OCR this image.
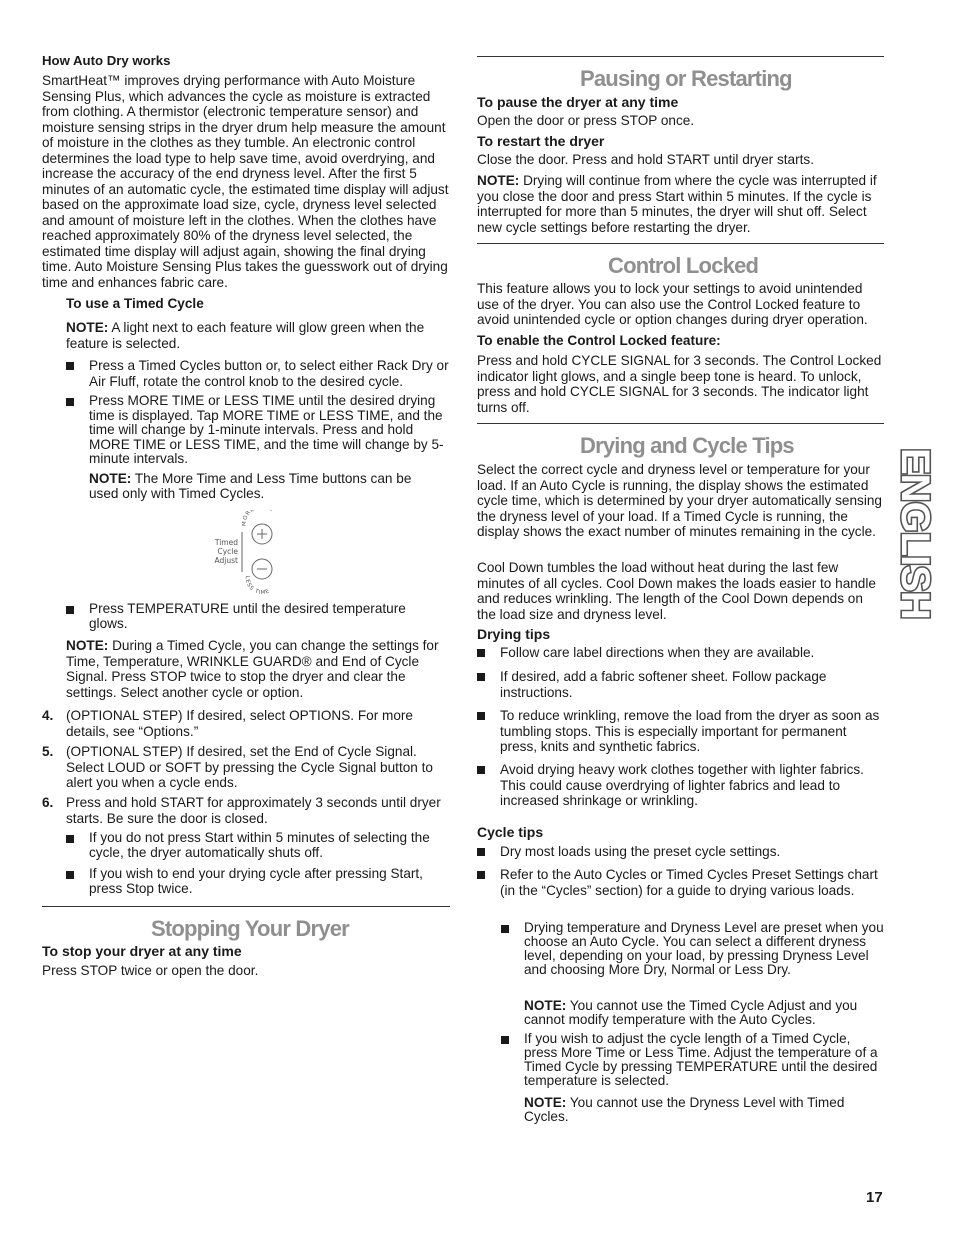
How Auto Dry works
SmartHeat™ improves drying performance with Auto Moisture Sensing Plus, which advances the cycle as moisture is extracted from clothing. A thermistor (electronic temperature sensor) and moisture sensing strips in the dryer drum help measure the amount of moisture in the clothes as they tumble. An electronic control determines the load type to help save time, avoid overdrying, and increase the accuracy of the end dryness level. After the first 5 minutes of an automatic cycle, the estimated time display will adjust based on the approximate load size, cycle, dryness level selected and amount of moisture left in the clothes. When the clothes have reached approximately 80% of the dryness level selected, the estimated time display will adjust again, showing the final drying time. Auto Moisture Sensing Plus takes the guesswork out of drying time and enhances fabric care.
To use a Timed Cycle
NOTE: A light next to each feature will glow green when the feature is selected.
Press a Timed Cycles button or, to select either Rack Dry or Air Fluff, rotate the control knob to the desired cycle.
Press MORE TIME or LESS TIME until the desired drying time is displayed. Tap MORE TIME or LESS TIME, and the time will change by 1-minute intervals. Press and hold MORE TIME or LESS TIME, and the time will change by 5-minute intervals.
NOTE: The More Time and Less Time buttons can be used only with Timed Cycles.
MOR
LESS TIME
Timed
Cycle
Adjust
Press TEMPERATURE until the desired temperature glows.
NOTE: During a Timed Cycle, you can change the settings for Time, Temperature, WRINKLE GUARD® and End of Cycle Signal. Press STOP twice to stop the dryer and clear the settings. Select another cycle or option.
4. (OPTIONAL STEP) If desired, select OPTIONS. For more details, see “Options.”
5. (OPTIONAL STEP) If desired, set the End of Cycle Signal. Select LOUD or SOFT by pressing the Cycle Signal button to alert you when a cycle ends.
6. Press and hold START for approximately 3 seconds until dryer starts. Be sure the door is closed.
If you do not press Start within 5 minutes of selecting the cycle, the dryer automatically shuts off.
If you wish to end your drying cycle after pressing Start, press Stop twice.
Stopping Your Dryer
To stop your dryer at any time
Press STOP twice or open the door.
Pausing or Restarting
To pause the dryer at any time
Open the door or press STOP once.
To restart the dryer
Close the door. Press and hold START until dryer starts.
NOTE: Drying will continue from where the cycle was interrupted if you close the door and press Start within 5 minutes. If the cycle is interrupted for more than 5 minutes, the dryer will shut off. Select new cycle settings before restarting the dryer.
Control Locked
This feature allows you to lock your settings to avoid unintended use of the dryer. You can also use the Control Locked feature to avoid unintended cycle or option changes during dryer operation.
To enable the Control Locked feature:
Press and hold CYCLE SIGNAL for 3 seconds. The Control Locked indicator light glows, and a single beep tone is heard. To unlock, press and hold CYCLE SIGNAL for 3 seconds. The indicator light turns off.
Drying and Cycle Tips
Select the correct cycle and dryness level or temperature for your load. If an Auto Cycle is running, the display shows the estimated cycle time, which is determined by your dryer automatically sensing the dryness level of your load. If a Timed Cycle is running, the display shows the exact number of minutes remaining in the cycle.
Cool Down tumbles the load without heat during the last few minutes of all cycles. Cool Down makes the loads easier to handle and reduces wrinkling. The length of the Cool Down depends on the load size and dryness level.
Drying tips
Follow care label directions when they are available.
If desired, add a fabric softener sheet. Follow package instructions.
To reduce wrinkling, remove the load from the dryer as soon as tumbling stops. This is especially important for permanent press, knits and synthetic fabrics.
Avoid drying heavy work clothes together with lighter fabrics. This could cause overdrying of lighter fabrics and lead to increased shrinkage or wrinkling.
Cycle tips
Dry most loads using the preset cycle settings.
Refer to the Auto Cycles or Timed Cycles Preset Settings chart (in the “Cycles” section) for a guide to drying various loads.
Drying temperature and Dryness Level are preset when you choose an Auto Cycle. You can select a different dryness level, depending on your load, by pressing Dryness Level and choosing More Dry, Normal or Less Dry.
NOTE: You cannot use the Timed Cycle Adjust and you cannot modify temperature with the Auto Cycles.
If you wish to adjust the cycle length of a Timed Cycle, press More Time or Less Time. Adjust the temperature of a Timed Cycle by pressing TEMPERATURE until the desired temperature is selected.
NOTE: You cannot use the Dryness Level with Timed Cycles.
ENGLISH
17
